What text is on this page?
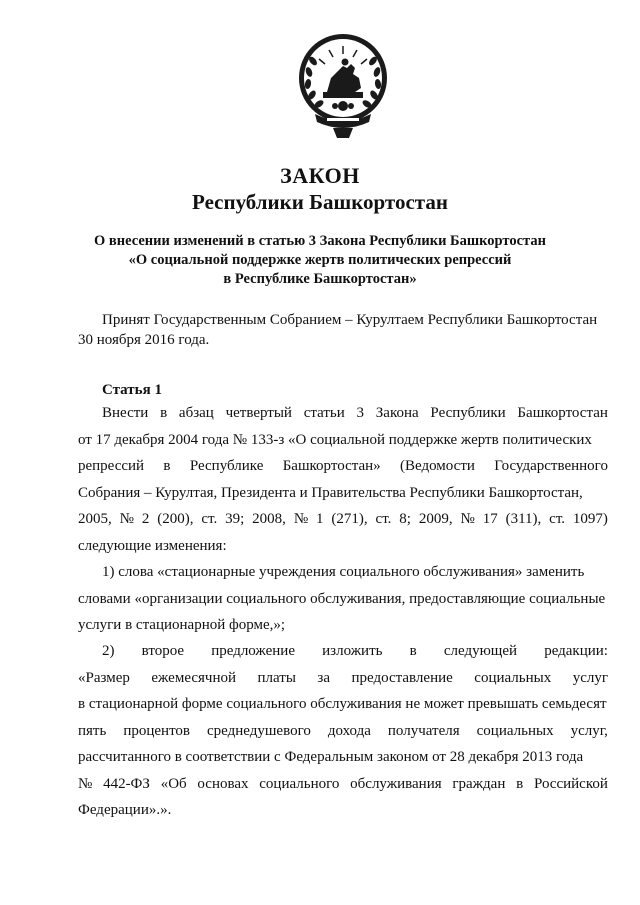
ЗАКОН
Республики Башкортостан
О внесении изменений в статью 3 Закона Республики Башкортостан
«О социальной поддержке жертв политических репрессий
в Республике Башкортостан»
Принят Государственным Собранием – Курултаем Республики Башкортостан
30 ноября 2016 года.
Статья 1
Внести в абзац четвертый статьи 3 Закона Республики Башкортостан
от 17 декабря 2004 года № 133-з «О социальной поддержке жертв политических
репрессий в Республике Башкортостан» (Ведомости Государственного
Собрания – Курултая, Президента и Правительства Республики Башкортостан,
2005, № 2 (200), ст. 39; 2008, № 1 (271), ст. 8; 2009, № 17 (311), ст. 1097)
следующие изменения:
1) слова «стационарные учреждения социального обслуживания» заменить
словами «организации социального обслуживания, предоставляющие социальные
услуги в стационарной форме,»;
2) второе предложение изложить в следующей редакции:
«Размер ежемесячной платы за предоставление социальных услуг
в стационарной форме социального обслуживания не может превышать семьдесят
пять процентов среднедушевого дохода получателя социальных услуг,
рассчитанного в соответствии с Федеральным законом от 28 декабря 2013 года
№ 442-ФЗ «Об основах социального обслуживания граждан в Российской
Федерации».».
